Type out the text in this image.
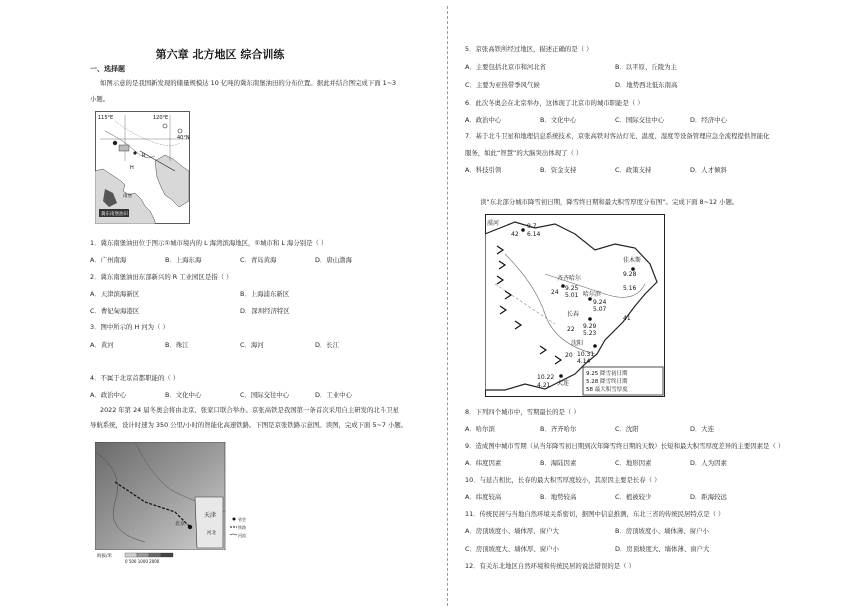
第六章 北方地区 综合训练
一、选择题
如图示意的是我国新发现的储量规模达 10 亿吨的冀东南堡油田的分布位置。据此并结合图完成下面 1~3
小题。
115°E	120°E
40°N
R
H
南堡
冀东南堡油田
1．冀东南堡油田位于图示①城市境内的 L 海湾滨海地区，①城市和 L 海分别是（ ）
A．广州南海	B．上海东海	C．青岛黄海	D．唐山渤海
2．冀东南堡油田东部新兴的 R 工业园区是指（ ）
A．天津滨海新区	B．上海浦东新区
C．曹妃甸海港区	D．深圳经济特区
3．图中所示的 H 河为（ ）
A．黄河	B．珠江	C．海河	D．长江
4．不属于北京首都职能的（ ）
A．政治中心	B．文化中心	C．国际交往中心	D．工业中心
2022 年第 24 届冬奥会将由北京、张家口联合举办。京张高铁是我国第一条首次采用自主研发的北斗卫星
导航系统，设计时速为 350 公里/小时的智能化高速铁路。下图是京张铁路示意图。读图，完成下面 5~7 小题。
海拔/米
0 500 1000 2000
北京
天津
河北
省会
铁路
河流
5．京张高铁所经过地区，描述正确的是（ ）
A．主要包括北京市和河北省	B．以平原、丘陵为主
C．主要为亚热带季风气候	D．地势西北低东南高
6．此次冬奥会在北京举办，这体现了北京市的城市职能是（ ）
A．政治中心	B．文化中心	C．国际交往中心	D．经济中心
7．基于北斗卫星和地理信息系统技术，京张高铁对客站灯光、温度、湿度等设备管理应急全流程提供智能化
服务，如此“智慧”的大脑突出体现了（ ）
A．科技引领	B．资金支持	C．政策支持	D．人才倾斜
读“东北部分城市降雪初日期，降雪终日期和最大积雪厚度分布图”。完成下面 8~12 小题。
漠河	9.7
6.14
42
齐齐哈尔
9.25
5.01
24	哈尔滨
9.24
5.07
41
佳木斯
9.28
5.16
长春
9.29
5.23
22
沈阳
10.31
4.14
20
大连
10.22
4.21
9.25 降雪初日期
5.28 降雪终日期
58 最大积雪厚度
8．下列四个城市中，雪期最长的是（ ）
A．哈尔滨	B．齐齐哈尔	C．沈阳	D．大连
9．造成图中城市雪期（从当年降雪初日期到次年降雪终日期的天数）长短和最大积雪厚度差异的主要因素是（ ）
A．纬度因素	B．海陆因素	C．地形因素	D．人为因素
10．与延吉相比，长春的最大积雪厚度较小，其原因主要是长春（ ）
A．纬度较高	B．地势较高	C．植被较少	D．距海较远
11．传统民居与当地自然环境关系密切，据图中信息推测，东北三省的传统民居特点是（ ）
A．房顶坡度小、墙体厚、窗户大	B．房顶坡度小、墙体薄、窗户小
C．房顶坡度大、墙体厚、窗户小	D．房顶坡度大、墙体薄、窗户大
12．有关东北地区自然环境和传统民居的说法错误的是（ ）
